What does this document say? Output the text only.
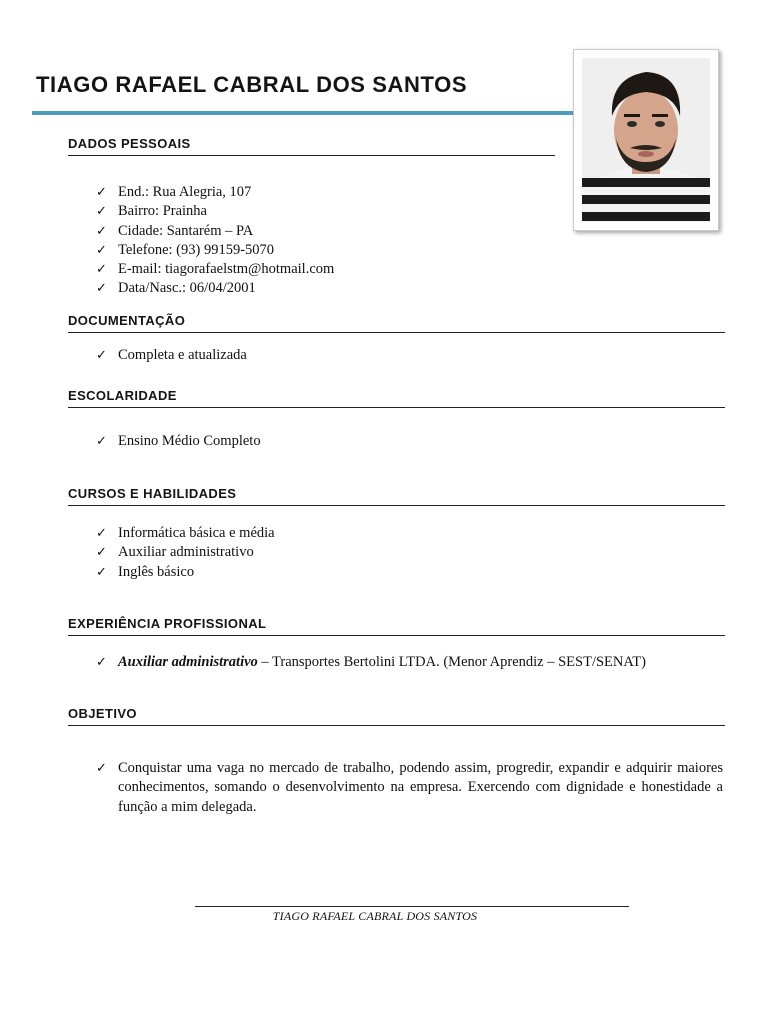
TIAGO RAFAEL CABRAL DOS SANTOS
DADOS PESSOAIS
✓ End.: Rua Alegria, 107
✓ Bairro: Prainha
✓ Cidade: Santarém – PA
✓ Telefone: (93) 99159-5070
✓ E-mail: tiagorafaelstm@hotmail.com
✓ Data/Nasc.: 06/04/2001
DOCUMENTAÇÃO
✓ Completa e atualizada
ESCOLARIDADE
✓ Ensino Médio Completo
CURSOS E HABILIDADES
✓ Informática básica e média
✓ Auxiliar administrativo
✓ Inglês básico
EXPERIÊNCIA PROFISSIONAL
✓ Auxiliar administrativo – Transportes Bertolini LTDA. (Menor Aprendiz – SEST/SENAT)
OBJETIVO
✓ Conquistar uma vaga no mercado de trabalho, podendo assim, progredir, expandir e adquirir maiores conhecimentos, somando o desenvolvimento na empresa. Exercendo com dignidade e honestidade a função a mim delegada.
TIAGO RAFAEL CABRAL DOS SANTOS
